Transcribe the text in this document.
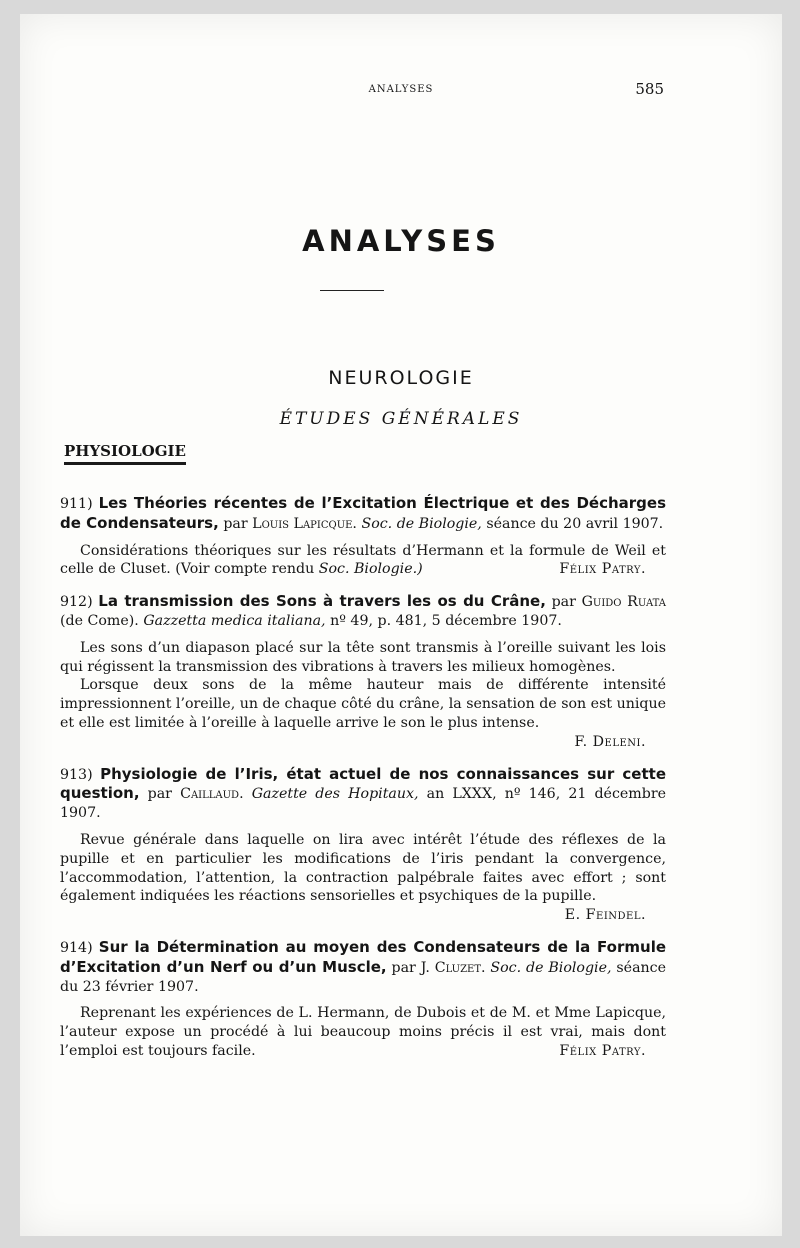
ANALYSES	585
ANALYSES
NEUROLOGIE
ÉTUDES GÉNÉRALES
PHYSIOLOGIE

911) Les Théories récentes de l’Excitation Électrique et des Décharges de Condensateurs, par Louis Lapicque. Soc. de Biologie, séance du 20 avril 1907.

Considérations théoriques sur les résultats d’Hermann et la formule de Weil et celle de Cluset. (Voir compte rendu Soc. Biologie.)	Félix Patry.

912) La transmission des Sons à travers les os du Crâne, par Guido Ruata (de Come). Gazzetta medica italiana, nº 49, p. 481, 5 décembre 1907.

Les sons d’un diapason placé sur la tête sont transmis à l’oreille suivant les lois qui régissent la transmission des vibrations à travers les milieux homogènes.

Lorsque deux sons de la même hauteur mais de différente intensité impressionnent l’oreille, un de chaque côté du crâne, la sensation de son est unique et elle est limitée à l’oreille à laquelle arrive le son le plus intense.

F. Deleni.

913) Physiologie de l’Iris, état actuel de nos connaissances sur cette question, par Caillaud. Gazette des Hopitaux, an LXXX, nº 146, 21 décembre 1907.

Revue générale dans laquelle on lira avec intérêt l’étude des réflexes de la pupille et en particulier les modifications de l’iris pendant la convergence, l’accommodation, l’attention, la contraction palpébrale faites avec effort ; sont également indiquées les réactions sensorielles et psychiques de la pupille.

E. Feindel.

914) Sur la Détermination au moyen des Condensateurs de la Formule d’Excitation d’un Nerf ou d’un Muscle, par J. Cluzet. Soc. de Biologie, séance du 23 février 1907.

Reprenant les expériences de L. Hermann, de Dubois et de M. et Mme Lapicque, l’auteur expose un procédé à lui beaucoup moins précis il est vrai, mais dont l’emploi est toujours facile.	Félix Patry.
